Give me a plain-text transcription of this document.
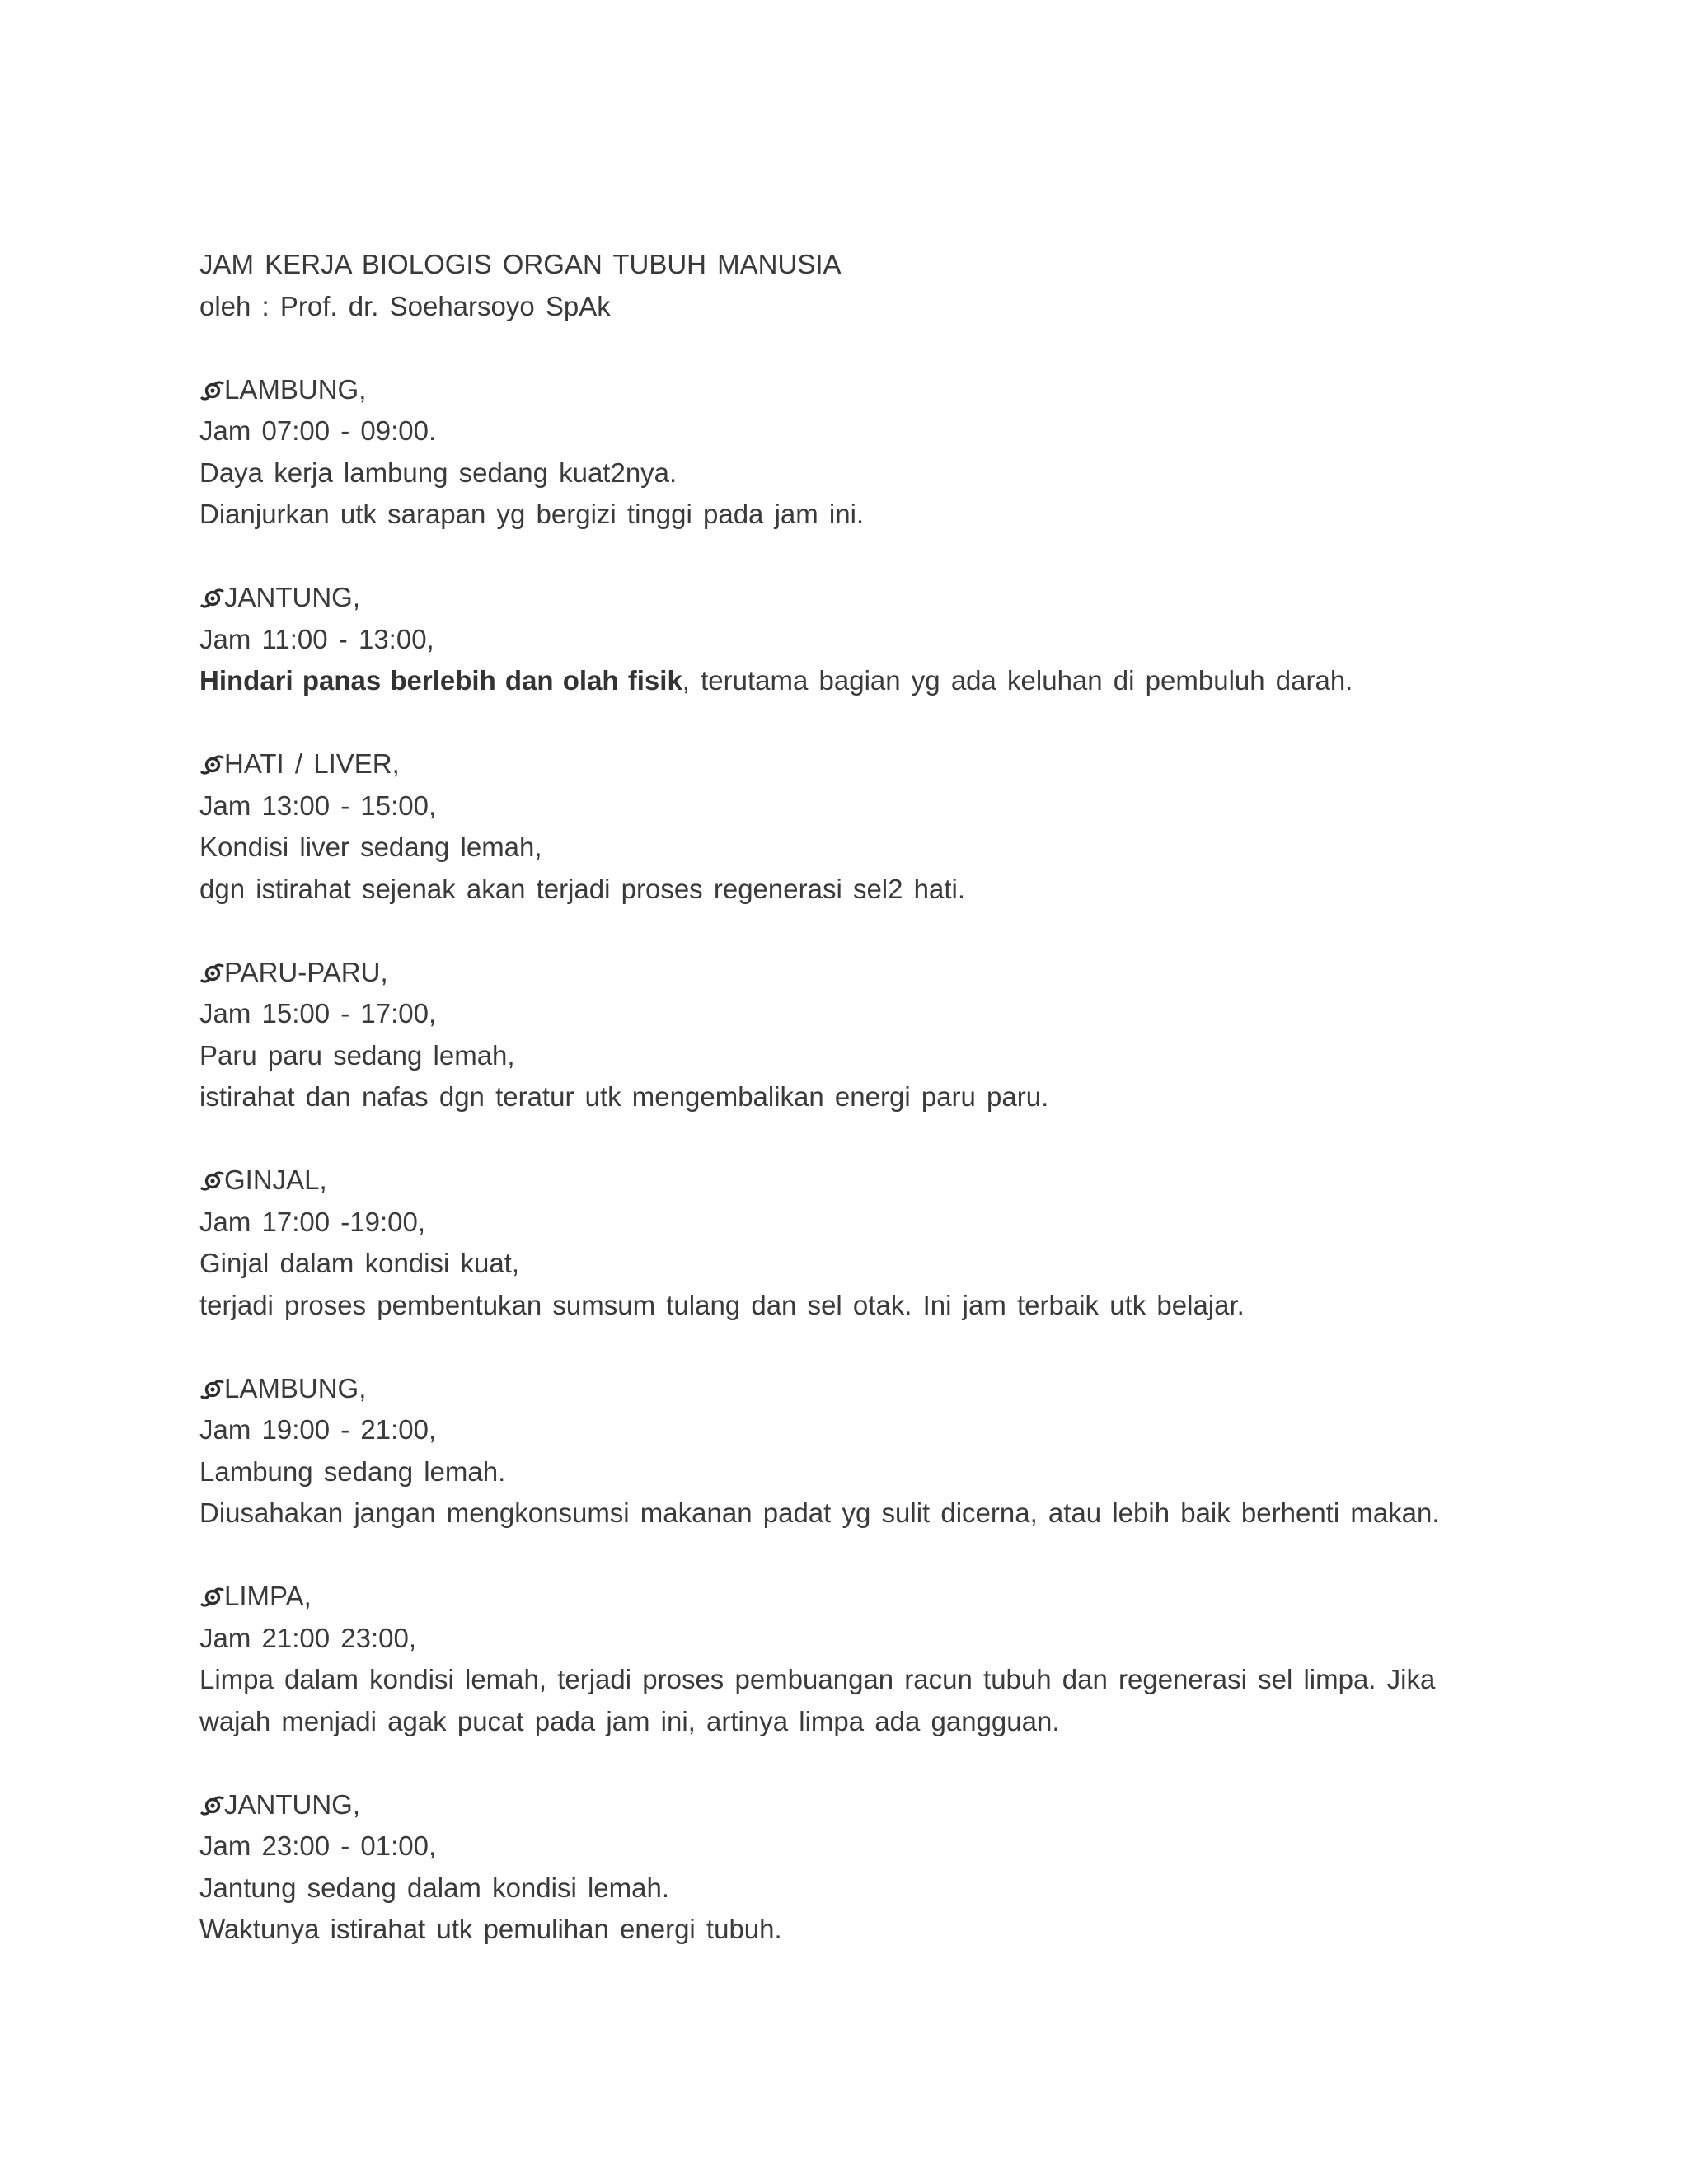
JAM KERJA BIOLOGIS ORGAN TUBUH MANUSIA
oleh : Prof. dr. Soeharsoyo SpAk
LAMBUNG,
Jam 07:00 - 09:00.
Daya kerja lambung sedang kuat2nya.
Dianjurkan utk sarapan yg bergizi tinggi pada jam ini.
JANTUNG,
Jam 11:00 - 13:00,
Hindari panas berlebih dan olah fisik, terutama bagian yg ada keluhan di pembuluh darah.
HATI / LIVER,
Jam 13:00 - 15:00,
Kondisi liver sedang lemah,
dgn istirahat sejenak akan terjadi proses regenerasi sel2 hati.
PARU-PARU,
Jam 15:00 - 17:00,
Paru paru sedang lemah,
istirahat dan nafas dgn teratur utk mengembalikan energi paru paru.
GINJAL,
Jam 17:00 -19:00,
Ginjal dalam kondisi kuat,
terjadi proses pembentukan sumsum tulang dan sel otak. Ini jam terbaik utk belajar.
LAMBUNG,
Jam 19:00 - 21:00,
Lambung sedang lemah.
Diusahakan jangan mengkonsumsi makanan padat yg sulit dicerna, atau lebih baik berhenti makan.
LIMPA,
Jam 21:00 23:00,
Limpa dalam kondisi lemah, terjadi proses pembuangan racun tubuh dan regenerasi sel limpa. Jika wajah menjadi agak pucat pada jam ini, artinya limpa ada gangguan.
JANTUNG,
Jam 23:00 - 01:00,
Jantung sedang dalam kondisi lemah.
Waktunya istirahat utk pemulihan energi tubuh.
